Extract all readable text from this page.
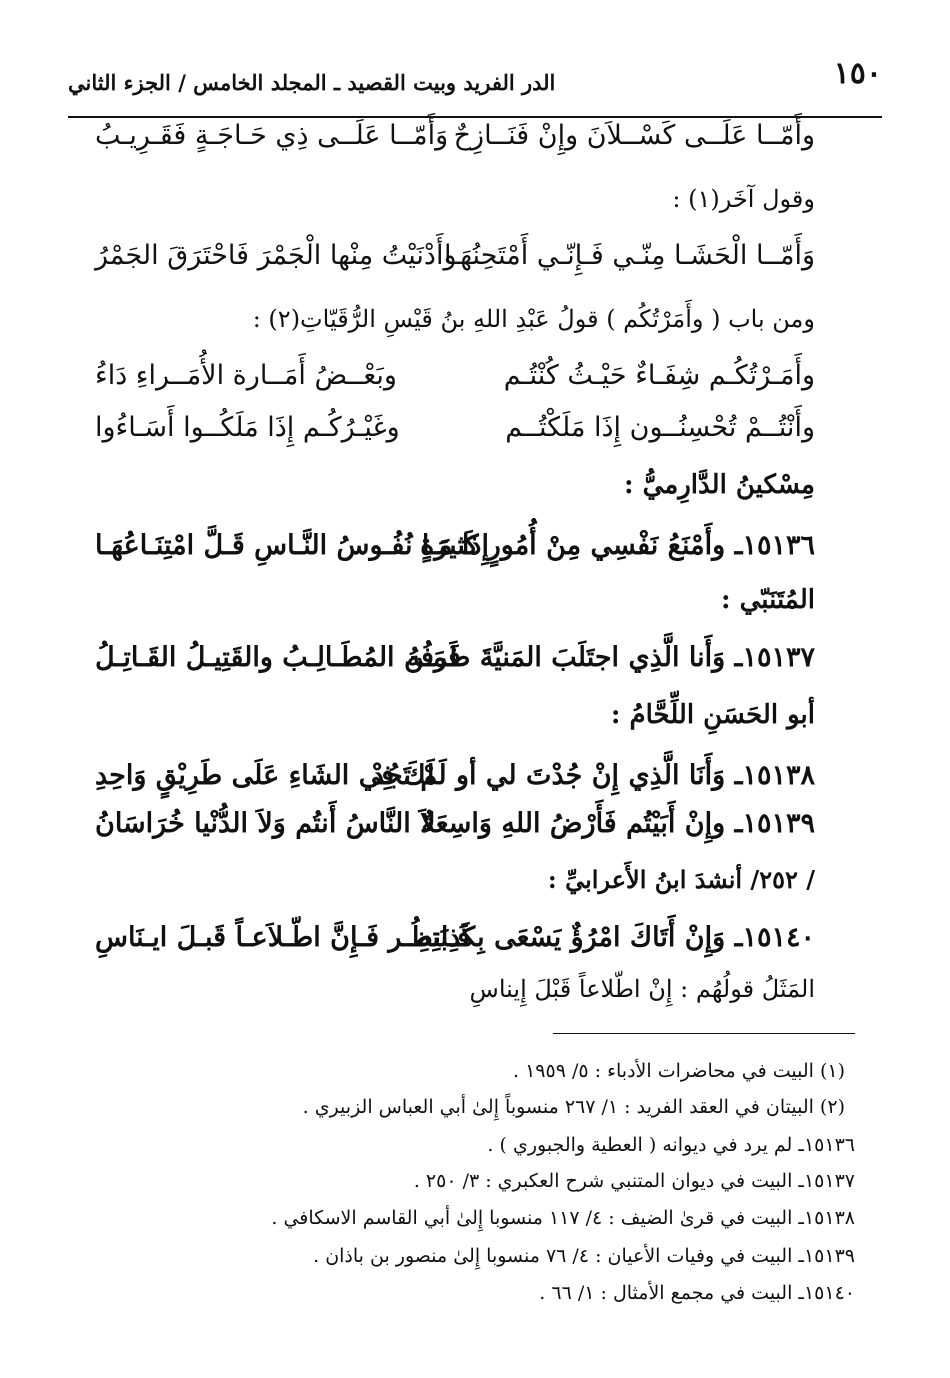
١٥٠
الدر الفريد وبيت القصيد ـ المجلد الخامس / الجزء الثاني
وأَمّــا عَلَــى كَسْــلاَنَ وإِنْ فَنَــازِحٌ
وَأَمّــا عَلَــى ذِي حَـاجَـةٍ فَقَـرِيـبُ
وقول آخَر(١) :
وَأَمّــا الْحَشَـا مِنّـي فَـإِنّـي أَمْتَحِنُهَـا
وأَدْنَيْتُ مِنْها الْجَمْرَ فَاحْتَرَقَ الجَمْرُ
ومن باب ( وأَمَرْتُكُم ) قولُ عَبْدِ اللهِ بنُ قَيْسِ الرُّقَيّاتِ(٢) :
وأَمَـرْتُكُـم شِفَـاءٌ حَيْـثُ كُنْتُـم
وبَعْــضُ أَمَــارة الأُمَــراءِ دَاءُ
وأَنْتُــمْ تُحْسِنُــون إِذَا مَلَكْتُــم
وغَيْـرُكُـم إِذَا مَلَكُــوا أَسَـاءُوا
مِسْكينُ الدَّارِميُّ :
١٥١٣٦ـ وأَمْنَعُ نَفْسِي مِنْ أُمُورٍ كَثيرَةٍ
إِذَا مَـا نُفُـوسُ النَّـاسِ قَـلَّ امْتِنَـاعُهَـا
المُتَنَبّي :
١٥١٣٧ـ وَأَنا الَّذِي اجتَلَبَ المَنيَّةَ طَرفُهُ
فَمَـن المُطَـالِـبُ والقَتِيـلُ القَـاتِـلُ
أبو الحَسَنِ اللِّحَّامُ :
١٥١٣٨ـ وَأَنَا الَّذِي إِنْ جُدْتَ لي أو لَمْ تَجُدْ
لَكَ فِي الشَاءِ عَلَى طَرِيْقٍ وَاحِدِ
١٥١٣٩ـ وإِنْ أَبَيْتُم فَأَرْضُ اللهِ وَاسِعَةٌ
لاَ النَّاسُ أَنتُم وَلاَ الدُّنْيا خُرَاسَانُ
/ ٢٥٢/ أنشدَ ابنُ الأَعرابيِّ :
١٥١٤٠ـ وَإِنْ أَتَاكَ امْرُؤٌ يَسْعَى بِكَذِبَتِهِ
فَـانظُـر فَـإِنَّ اطّـلاَعـاً قَبـلَ ايـنَاسِ
المَثَلُ قولُهُم : إِنْ اطّلاعاً قَبْلَ إِيناسِ
(١) البيت في محاضرات الأدباء : ٥/ ١٩٥٩ .
(٢) البيتان في العقد الفريد : ١/ ٢٦٧ منسوباً إِلىٰ أبي العباس الزبيري .
١٥١٣٦ـ لم يرد في ديوانه ( العطية والجبوري ) .
١٥١٣٧ـ البيت في ديوان المتنبي شرح العكبري : ٣/ ٢٥٠ .
١٥١٣٨ـ البيت في قرىٰ الضيف : ٤/ ١١٧ منسوبا إِلىٰ أبي القاسم الاسكافي .
١٥١٣٩ـ البيت في وفيات الأعيان : ٤/ ٧٦ منسوبا إِلىٰ منصور بن باذان .
١٥١٤٠ـ البيت في مجمع الأمثال : ١/ ٦٦ .
